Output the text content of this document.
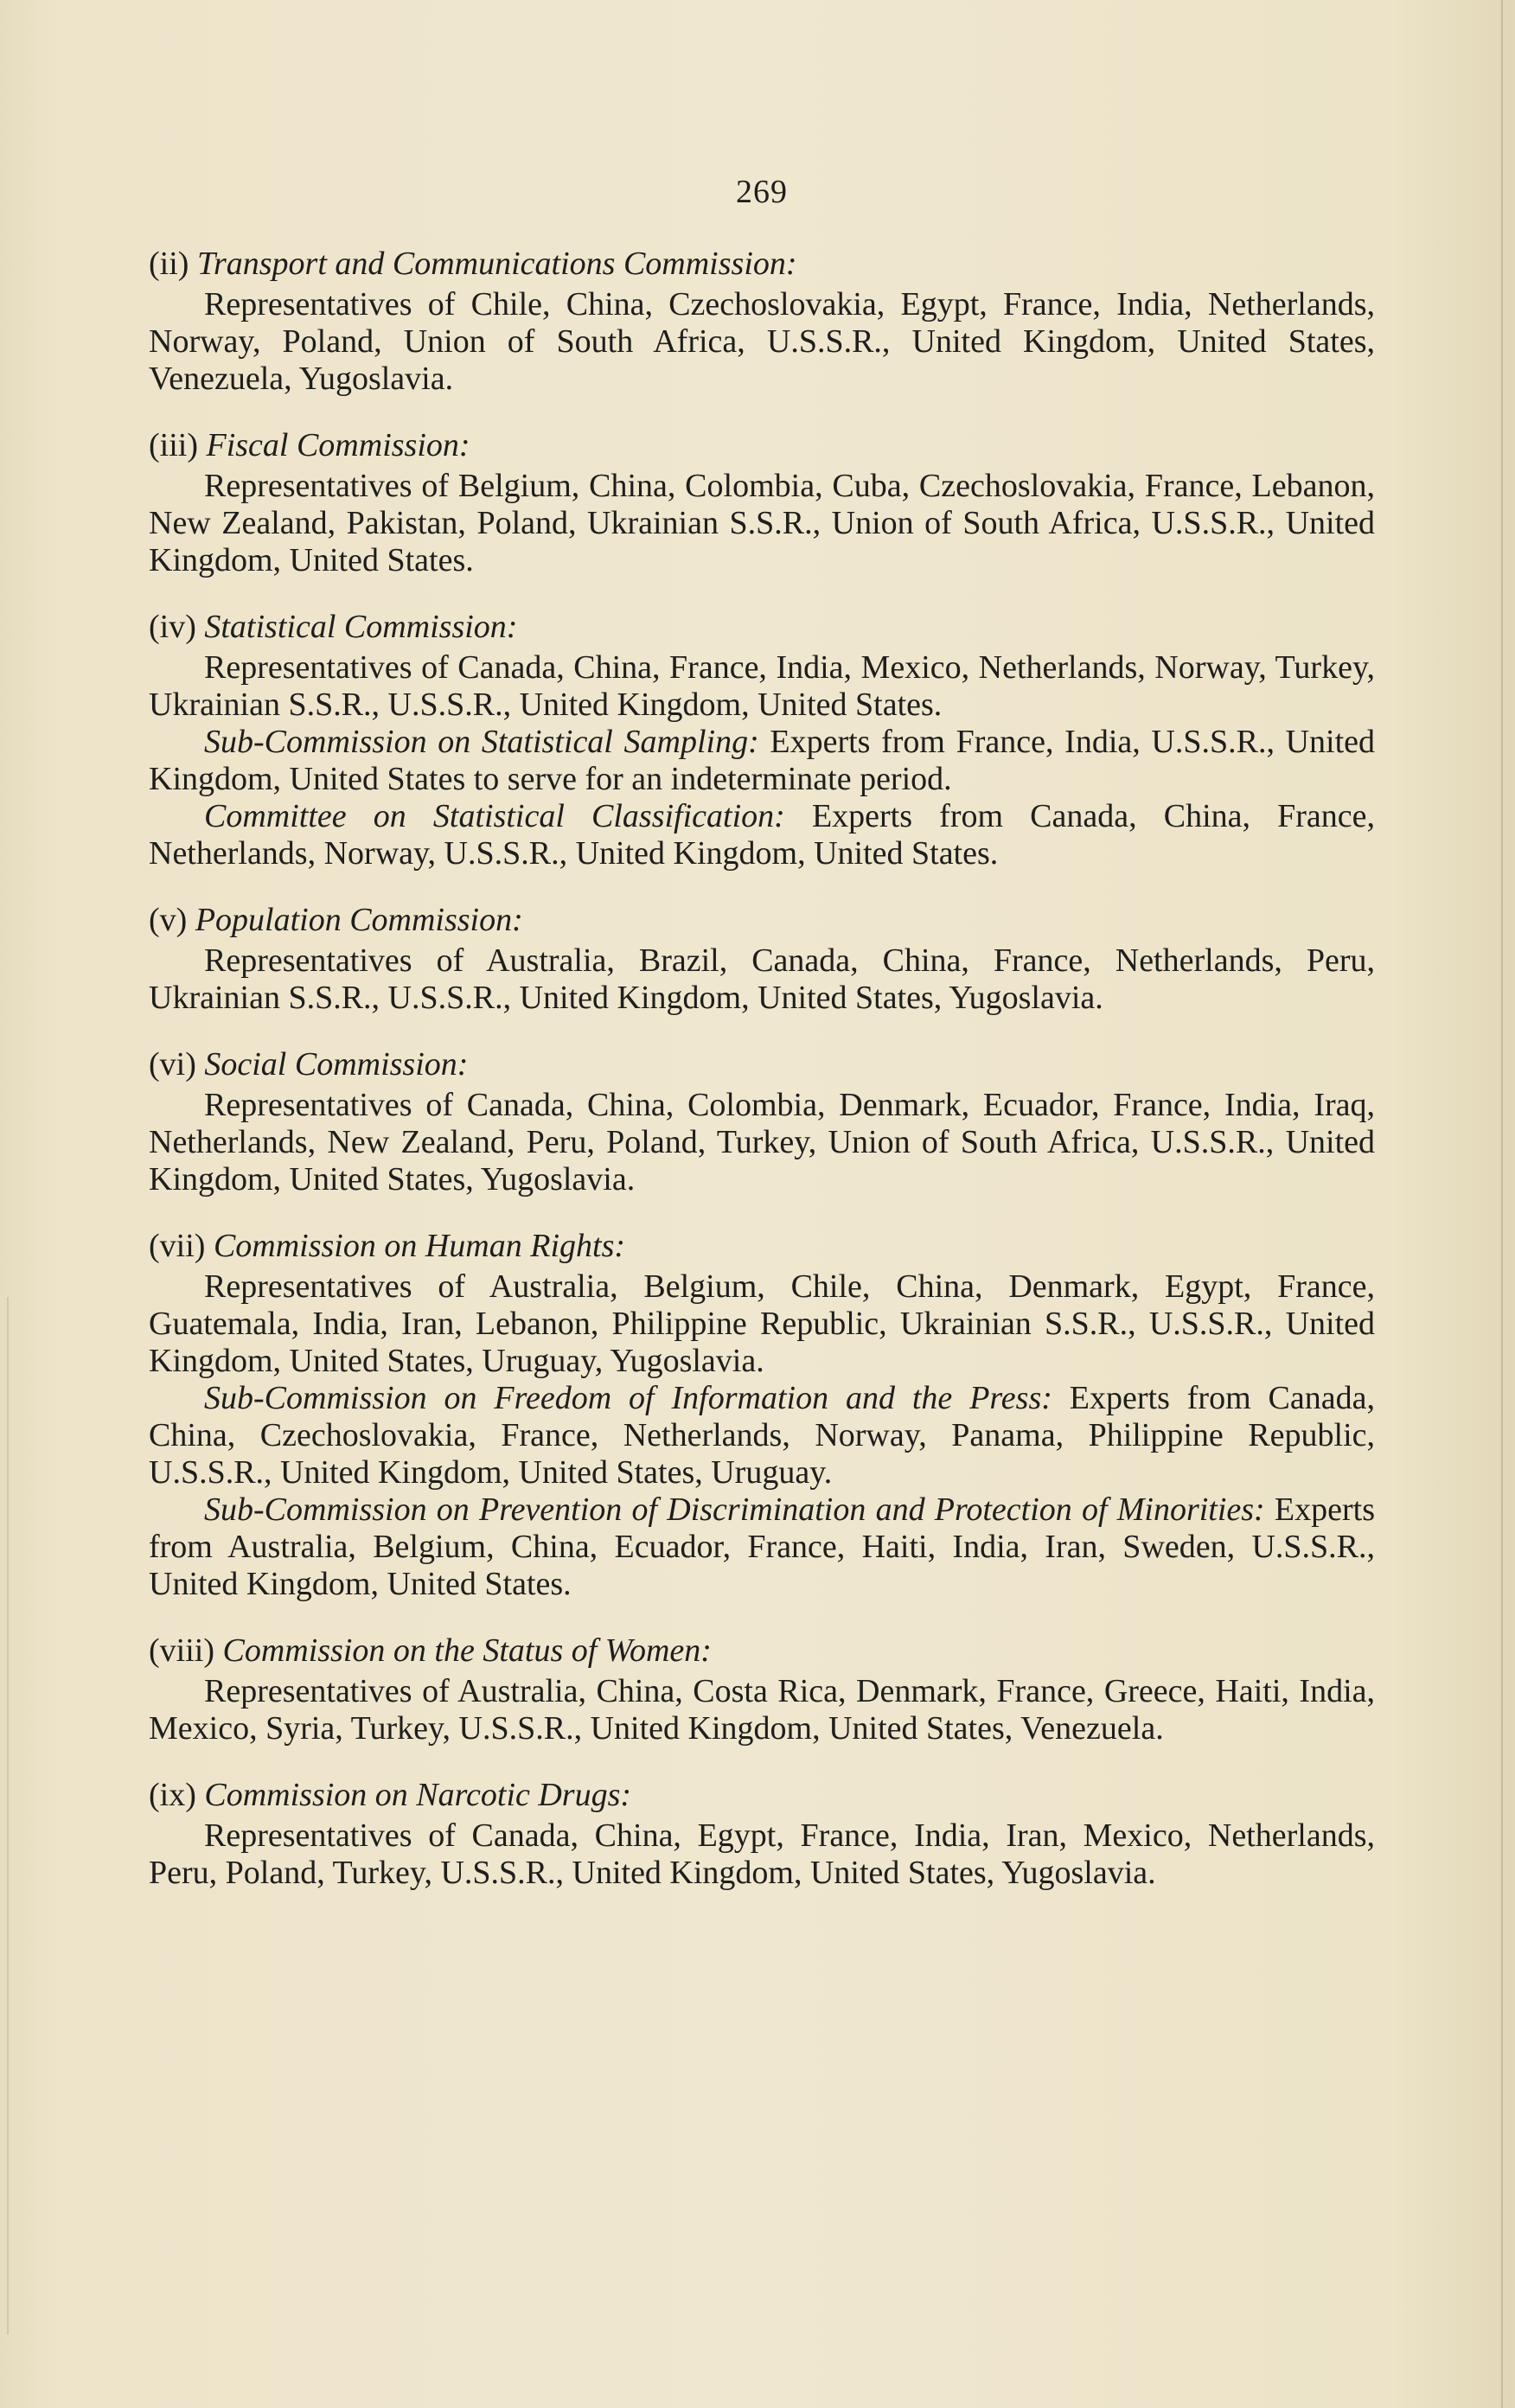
269

(ii) Transport and Communications Commission:

Representatives of Chile, China, Czechoslovakia, Egypt, France, India, Netherlands, Norway, Poland, Union of South Africa, U.S.S.R., United Kingdom, United States, Venezuela, Yugoslavia.

(iii) Fiscal Commission:

Representatives of Belgium, China, Colombia, Cuba, Czechoslovakia, France, Lebanon, New Zealand, Pakistan, Poland, Ukrainian S.S.R., Union of South Africa, U.S.S.R., United Kingdom, United States.

(iv) Statistical Commission:

Representatives of Canada, China, France, India, Mexico, Netherlands, Norway, Turkey, Ukrainian S.S.R., U.S.S.R., United Kingdom, United States.

Sub-Commission on Statistical Sampling: Experts from France, India, U.S.S.R., United Kingdom, United States to serve for an indeterminate period.

Committee on Statistical Classification: Experts from Canada, China, France, Netherlands, Norway, U.S.S.R., United Kingdom, United States.

(v) Population Commission:

Representatives of Australia, Brazil, Canada, China, France, Netherlands, Peru, Ukrainian S.S.R., U.S.S.R., United Kingdom, United States, Yugoslavia.

(vi) Social Commission:

Representatives of Canada, China, Colombia, Denmark, Ecuador, France, India, Iraq, Netherlands, New Zealand, Peru, Poland, Turkey, Union of South Africa, U.S.S.R., United Kingdom, United States, Yugoslavia.

(vii) Commission on Human Rights:

Representatives of Australia, Belgium, Chile, China, Denmark, Egypt, France, Guatemala, India, Iran, Lebanon, Philippine Republic, Ukrainian S.S.R., U.S.S.R., United Kingdom, United States, Uruguay, Yugoslavia.

Sub-Commission on Freedom of Information and the Press: Experts from Canada, China, Czechoslovakia, France, Netherlands, Norway, Panama, Philippine Republic, U.S.S.R., United Kingdom, United States, Uruguay.

Sub-Commission on Prevention of Discrimination and Protection of Minorities: Experts from Australia, Belgium, China, Ecuador, France, Haiti, India, Iran, Sweden, U.S.S.R., United Kingdom, United States.

(viii) Commission on the Status of Women:

Representatives of Australia, China, Costa Rica, Denmark, France, Greece, Haiti, India, Mexico, Syria, Turkey, U.S.S.R., United Kingdom, United States, Venezuela.

(ix) Commission on Narcotic Drugs:

Representatives of Canada, China, Egypt, France, India, Iran, Mexico, Netherlands, Peru, Poland, Turkey, U.S.S.R., United Kingdom, United States, Yugoslavia.
